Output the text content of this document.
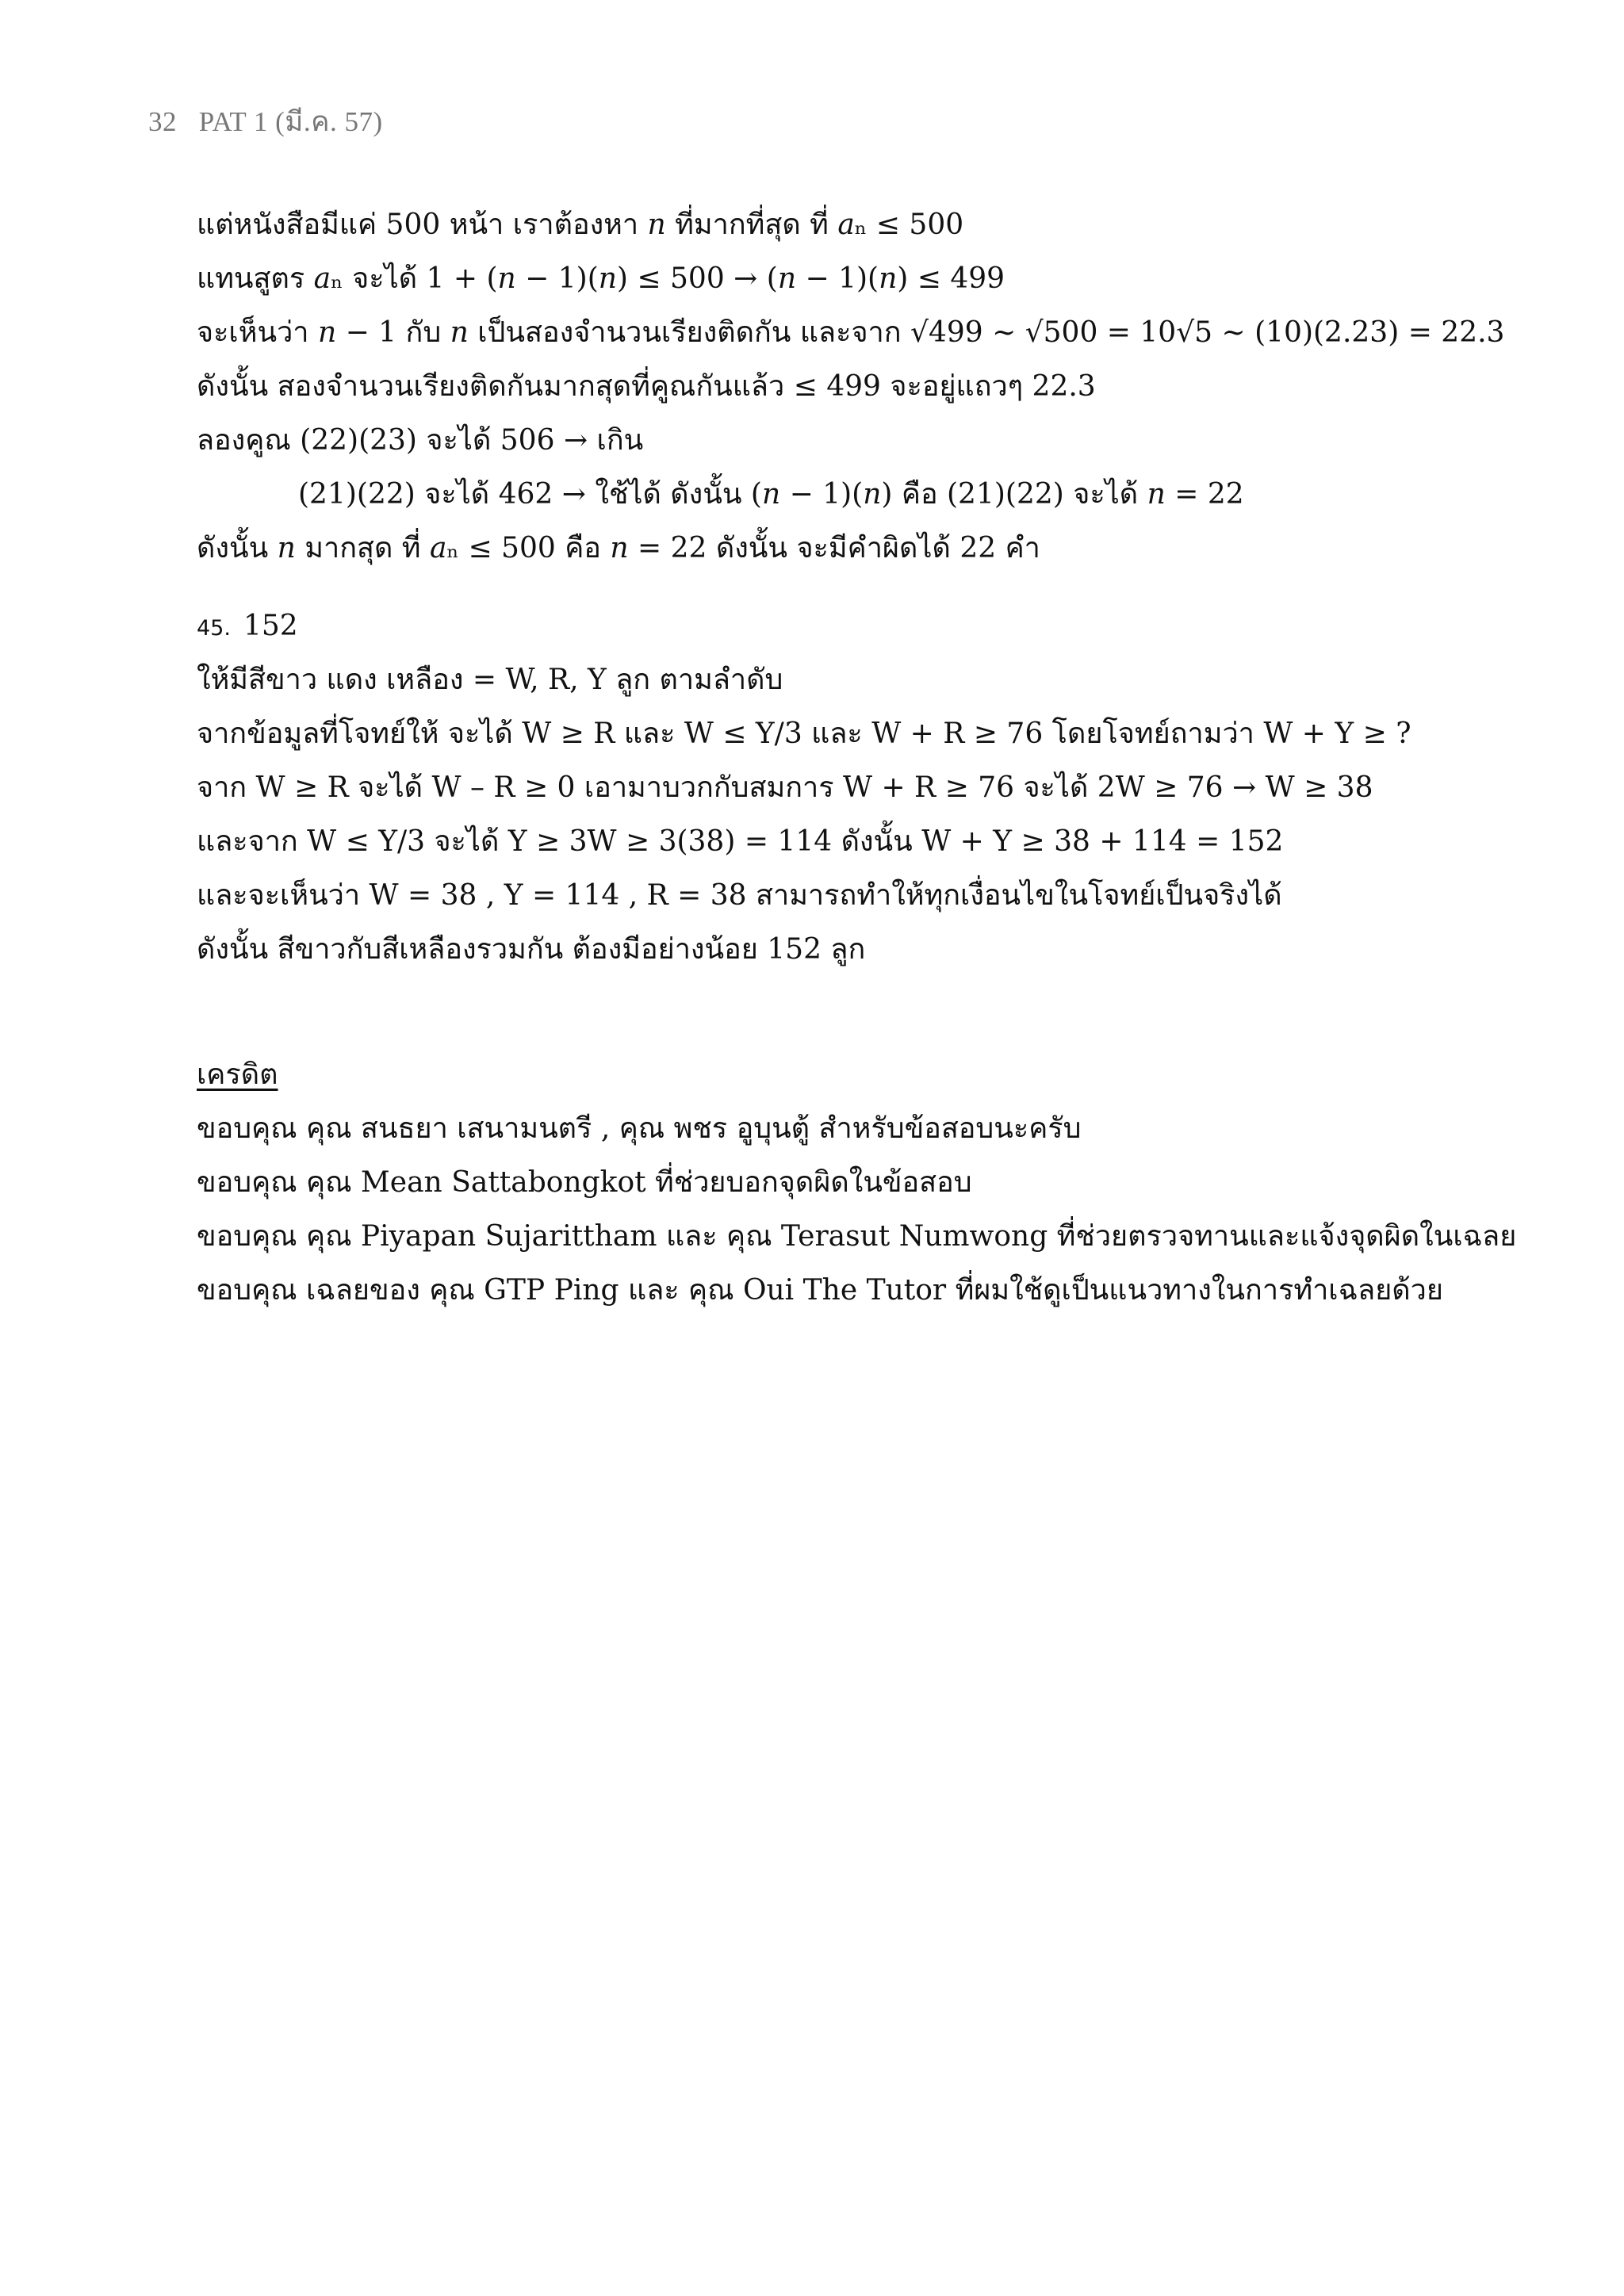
32 PAT 1 (มี.ค. 57)
แต่หนังสือมีแค่ 500 หน้า เราต้องหา 𝑛 ที่มากที่สุด ที่ 𝑎ₙ ≤ 500
แทนสูตร 𝑎ₙ จะได้ 1 + (𝑛 − 1)(𝑛) ≤ 500 → (𝑛 − 1)(𝑛) ≤ 499
จะเห็นว่า 𝑛 − 1 กับ 𝑛 เป็นสองจำนวนเรียงติดกัน และจาก √499 ~ √500 = 10√5 ~ (10)(2.23) = 22.3
ดังนั้น สองจำนวนเรียงติดกันมากสุดที่คูณกันแล้ว ≤ 499 จะอยู่แถวๆ 22.3
ลองคูณ (22)(23) จะได้ 506 → เกิน
(21)(22) จะได้ 462 → ใช้ได้ ดังนั้น (𝑛 − 1)(𝑛) คือ (21)(22) จะได้ 𝑛 = 22
ดังนั้น 𝑛 มากสุด ที่ 𝑎ₙ ≤ 500 คือ 𝑛 = 22 ดังนั้น จะมีคำผิดได้ 22 คำ
45. 152
ให้มีสีขาว แดง เหลือง = W, R, Y ลูก ตามลำดับ
จากข้อมูลที่โจทย์ให้ จะได้ W ≥ R และ W ≤ Y/3 และ W + R ≥ 76 โดยโจทย์ถามว่า W + Y ≥ ?
จาก W ≥ R จะได้ W – R ≥ 0 เอามาบวกกับสมการ W + R ≥ 76 จะได้ 2W ≥ 76 → W ≥ 38
และจาก W ≤ Y/3 จะได้ Y ≥ 3W ≥ 3(38) = 114 ดังนั้น W + Y ≥ 38 + 114 = 152
และจะเห็นว่า W = 38 , Y = 114 , R = 38 สามารถทำให้ทุกเงื่อนไขในโจทย์เป็นจริงได้
ดังนั้น สีขาวกับสีเหลืองรวมกัน ต้องมีอย่างน้อย 152 ลูก
เครดิต
ขอบคุณ คุณ สนธยา เสนามนตรี , คุณ พชร อูบุนตู้ สำหรับข้อสอบนะครับ
ขอบคุณ คุณ Mean Sattabongkot ที่ช่วยบอกจุดผิดในข้อสอบ
ขอบคุณ คุณ Piyapan Sujarittham และ คุณ Terasut Numwong ที่ช่วยตรวจทานและแจ้งจุดผิดในเฉลย
ขอบคุณ เฉลยของ คุณ GTP Ping และ คุณ Oui The Tutor ที่ผมใช้ดูเป็นแนวทางในการทำเฉลยด้วย
